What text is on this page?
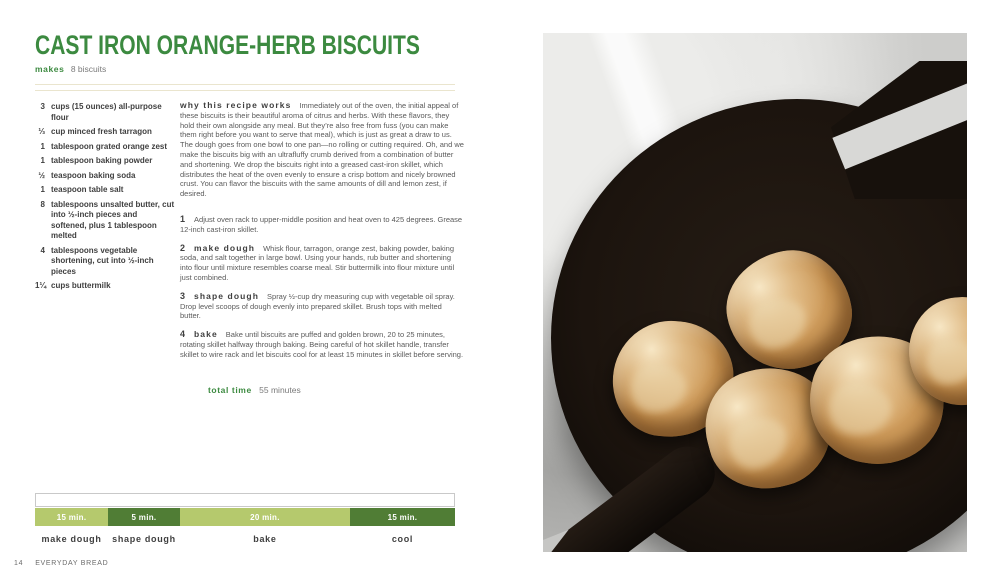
CAST IRON ORANGE-HERB BISCUITS
makes 8 biscuits
3 cups (15 ounces) all-purpose flour
⅓ cup minced fresh tarragon
1 tablespoon grated orange zest
1 tablespoon baking powder
½ teaspoon baking soda
1 teaspoon table salt
8 tablespoons unsalted butter, cut into ½-inch pieces and softened, plus 1 tablespoon melted
4 tablespoons vegetable shortening, cut into ½-inch pieces
1¼ cups buttermilk

why this recipe works Immediately out of the oven, the initial appeal of these biscuits is their beautiful aroma of citrus and herbs. With these flavors, they hold their own alongside any meal. But they’re also free from fuss (you can make them right before you want to serve that meal), which is just as great a draw to us. The dough goes from one bowl to one pan—no rolling or cutting required. Oh, and we make the biscuits big with an ultrafluffy crumb derived from a combination of butter and shortening. We drop the biscuits right into a greased cast-iron skillet, which distributes the heat of the oven evenly to ensure a crisp bottom and nicely browned crust. You can flavor the biscuits with the same amounts of dill and lemon zest, if desired.

1 Adjust oven rack to upper-middle position and heat oven to 425 degrees. Grease 12-inch cast-iron skillet.

2 make dough Whisk flour, tarragon, orange zest, baking powder, baking soda, and salt together in large bowl. Using your hands, rub butter and shortening into flour until mixture resembles coarse meal. Stir buttermilk into flour mixture until just combined.

3 shape dough Spray ½-cup dry measuring cup with vegetable oil spray. Drop level scoops of dough evenly into prepared skillet. Brush tops with melted butter.

4 bake Bake until biscuits are puffed and golden brown, 20 to 25 minutes, rotating skillet halfway through baking. Being careful of hot skillet handle, transfer skillet to wire rack and let biscuits cool for at least 15 minutes in skillet before serving.

total time 55 minutes
15 min.
make dough
5 min.
shape dough
20 min.
bake
15 min.
cool
14 EVERYDAY BREAD
